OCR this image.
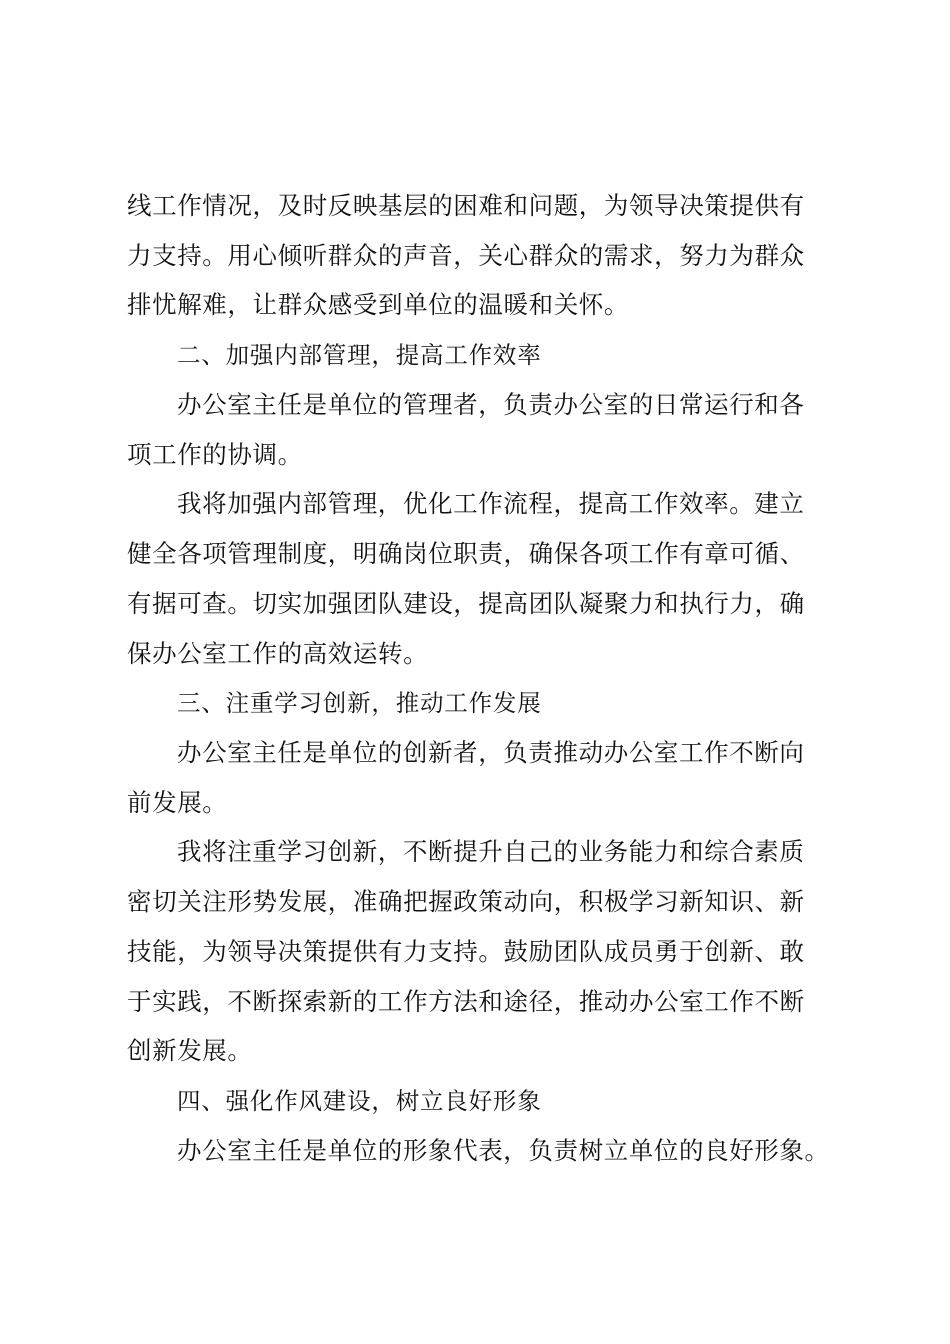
线工作情况，及时反映基层的困难和问题，为领导决策提供有
力支持。用心倾听群众的声音，关心群众的需求，努力为群众
排忧解难，让群众感受到单位的温暖和关怀。
二、加强内部管理，提高工作效率
办公室主任是单位的管理者，负责办公室的日常运行和各
项工作的协调。
我将加强内部管理，优化工作流程，提高工作效率。建立
健全各项管理制度，明确岗位职责，确保各项工作有章可循、
有据可查。切实加强团队建设，提高团队凝聚力和执行力，确
保办公室工作的高效运转。
三、注重学习创新，推动工作发展
办公室主任是单位的创新者，负责推动办公室工作不断向
前发展。
我将注重学习创新，不断提升自己的业务能力和综合素质
密切关注形势发展，准确把握政策动向，积极学习新知识、新
技能，为领导决策提供有力支持。鼓励团队成员勇于创新、敢
于实践，不断探索新的工作方法和途径，推动办公室工作不断
创新发展。
四、强化作风建设，树立良好形象
办公室主任是单位的形象代表，负责树立单位的良好形象。
